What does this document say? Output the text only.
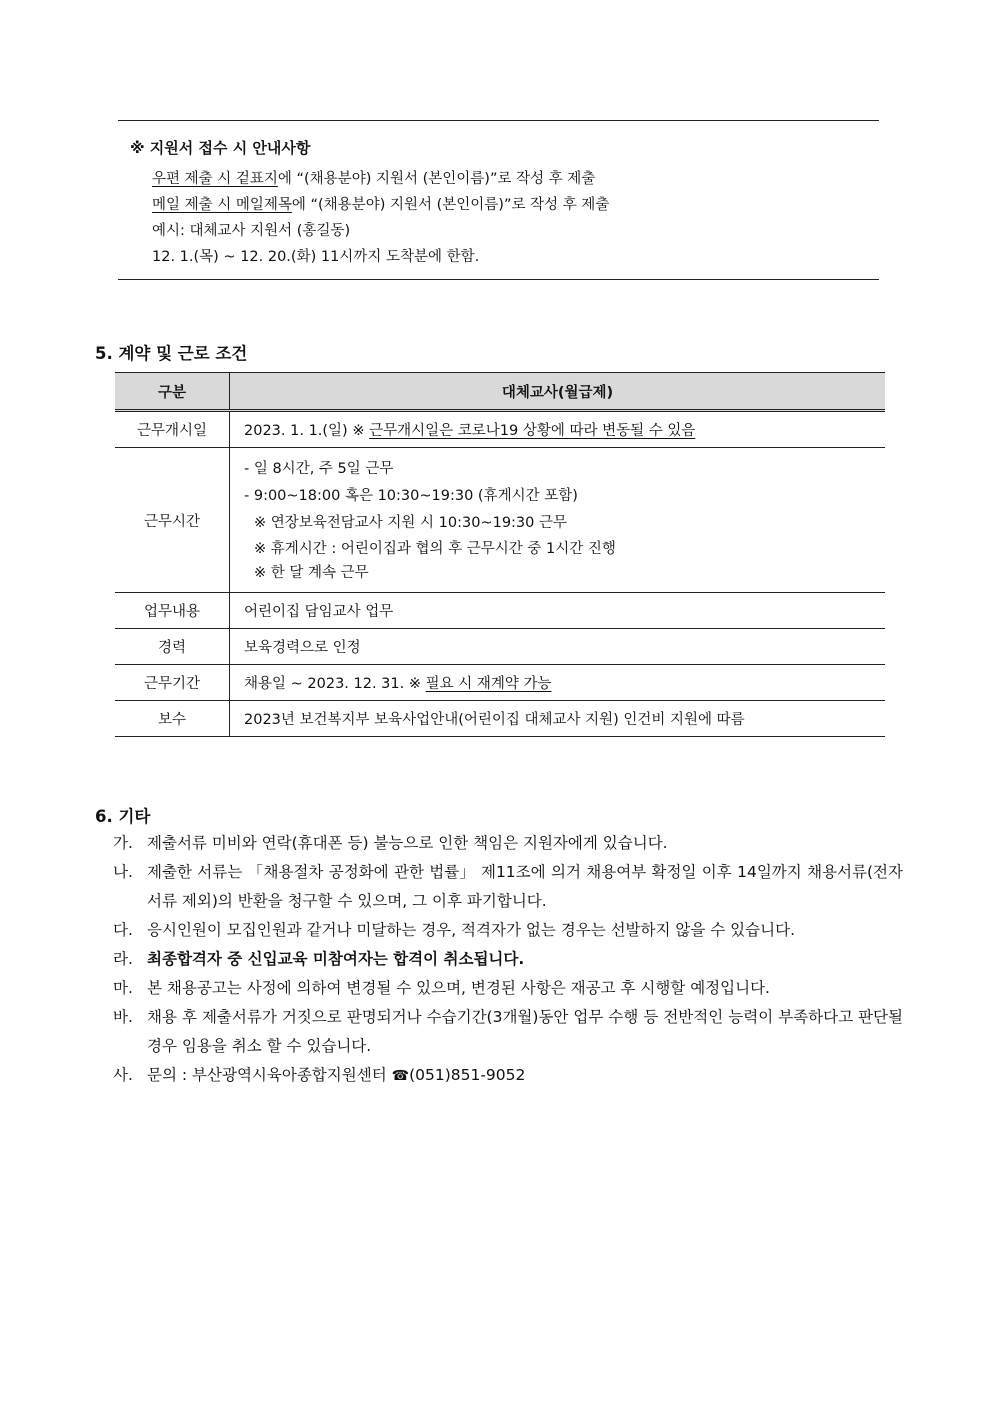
※ 지원서 접수 시 안내사항
우편 제출 시 겉표지에 “(채용분야) 지원서 (본인이름)”로 작성 후 제출
메일 제출 시 메일제목에 “(채용분야) 지원서 (본인이름)”로 작성 후 제출
예시: 대체교사 지원서 (홍길동)
12. 1.(목) ~ 12. 20.(화) 11시까지 도착분에 한함.
5. 계약 및 근로 조건
구분	대체교사(월급제)
근무개시일	2023. 1. 1.(일) ※ 근무개시일은 코로나19 상황에 따라 변동될 수 있음
근무시간	- 일 8시간, 주 5일 근무
- 9:00~18:00 혹은 10:30~19:30 (휴게시간 포함)
※ 연장보육전담교사 지원 시 10:30~19:30 근무
※ 휴게시간 : 어린이집과 협의 후 근무시간 중 1시간 진행
※ 한 달 계속 근무

업무내용	어린이집 담임교사 업무
경력	보육경력으로 인정
근무기간	채용일 ~ 2023. 12. 31. ※ 필요 시 재계약 가능
보수	2023년 보건복지부 보육사업안내(어린이집 대체교사 지원) 인건비 지원에 따름
6. 기타
가. 제출서류 미비와 연락(휴대폰 등) 불능으로 인한 책임은 지원자에게 있습니다.
나. 제출한 서류는 「채용절차 공정화에 관한 법률」 제11조에 의거 채용여부 확정일 이후 14일까지 채용서류(전자서류 제외)의 반환을 청구할 수 있으며, 그 이후 파기합니다.
다. 응시인원이 모집인원과 같거나 미달하는 경우, 적격자가 없는 경우는 선발하지 않을 수 있습니다.
라. 최종합격자 중 신입교육 미참여자는 합격이 취소됩니다.
마. 본 채용공고는 사정에 의하여 변경될 수 있으며, 변경된 사항은 재공고 후 시행할 예정입니다.
바. 채용 후 제출서류가 거짓으로 판명되거나 수습기간(3개월)동안 업무 수행 등 전반적인 능력이 부족하다고 판단될 경우 임용을 취소 할 수 있습니다.
사. 문의 : 부산광역시육아종합지원센터 ☎(051)851-9052
